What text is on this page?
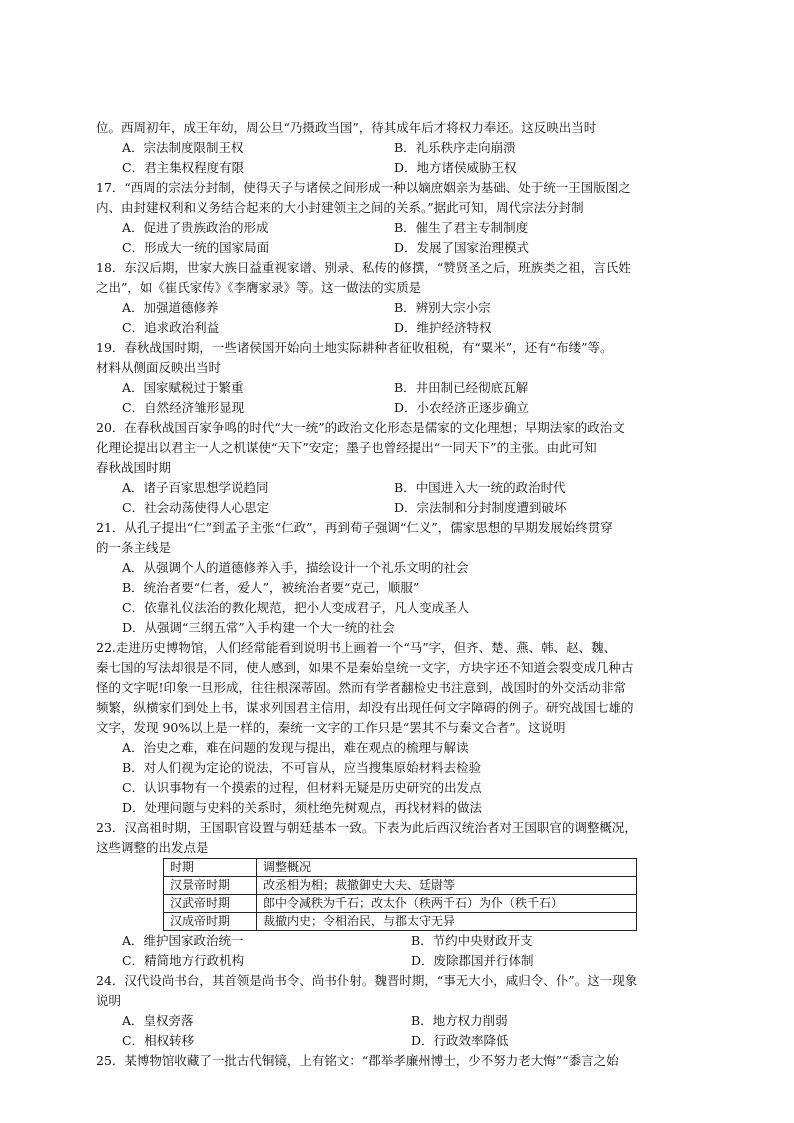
位。西周初年，成王年幼，周公旦“乃摄政当国”，待其成年后才将权力奉还。这反映出当时
A．宗法制度限制王权	B．礼乐秩序走向崩溃
C．君主集权程度有限	D．地方诸侯威胁王权
17．“西周的宗法分封制，使得天子与诸侯之间形成一种以嫡庶姻亲为基础、处于统一王国版图之
内、由封建权利和义务结合起来的大小封建领主之间的关系。”据此可知，周代宗法分封制
A．促进了贵族政治的形成	B．催生了君主专制制度
C．形成大一统的国家局面	D．发展了国家治理模式
18．东汉后期，世家大族日益重视家谱、别录、私传的修撰，“赞贤圣之后，班族类之祖，言氏姓
之出”，如《崔氏家传》《李膺家录》等。这一做法的实质是
A．加强道德修养	B．辨别大宗小宗
C．追求政治利益	D．维护经济特权
19．春秋战国时期，一些诸侯国开始向土地实际耕种者征收租税，有“粟米”，还有“布缕”等。
材料从侧面反映出当时
A．国家赋税过于繁重	B．井田制已经彻底瓦解
C．自然经济雏形显现	D．小农经济正逐步确立
20．在春秋战国百家争鸣的时代“大一统”的政治文化形态是儒家的文化理想；早期法家的政治文
化理论提出以君主一人之机谋使“天下”安定；墨子也曾经提出“一同天下”的主张。由此可知
春秋战国时期
A．诸子百家思想学说趋同	B．中国进入大一统的政治时代
C．社会动荡使得人心思定	D．宗法制和分封制度遭到破坏
21．从孔子提出“仁”到孟子主张“仁政”，再到荀子强调“仁义”，儒家思想的早期发展始终贯穿
的一条主线是
A．从强调个人的道德修养入手，描绘设计一个礼乐文明的社会
B．统治者要“仁者，爱人”，被统治者要“克己，顺服”
C．依靠礼仪法治的教化规范，把小人变成君子，凡人变成圣人
D．从强调“三纲五常”入手构建一个大一统的社会
22.走进历史博物馆，人们经常能看到说明书上画着一个“马”字，但齐、楚、燕、韩、赵、魏、
秦七国的写法却很是不同，使人感到，如果不是秦始皇统一文字，方块字还不知道会裂变成几种古
怪的文字呢!印象一旦形成，往往根深蒂固。然而有学者翻检史书注意到，战国时的外交活动非常
频繁，纵横家们到处上书，谋求列国君主信用，却没有出现任何文字障碍的例子。研究战国七雄的
文字，发现 90%以上是一样的，秦统一文字的工作只是“罢其不与秦文合者”。这说明
A．治史之难，难在问题的发现与提出，难在观点的梳理与解读
B．对人们视为定论的说法，不可盲从，应当搜集原始材料去检验
C．认识事物有一个摸索的过程，但材料无疑是历史研究的出发点
D．处理问题与史料的关系时，须杜绝先树观点，再找材料的做法
23．汉高祖时期，王国职官设置与朝廷基本一致。下表为此后西汉统治者对王国职官的调整概况，
这些调整的出发点是
时期	调整概况
汉景帝时期	改丞相为相；裁撤御史大夫、廷尉等
汉武帝时期	郎中令减秩为千石；改太仆（秩两千石）为仆（秩千石）
汉成帝时期	裁撤内史；令相治民，与郡太守无异
A．维护国家政治统一	B．节约中央财政开支
C．精简地方行政机构	D．废除郡国并行体制
24．汉代设尚书台，其首领是尚书令、尚书仆射。魏晋时期，“事无大小，咸归令、仆”。这一现象
说明
A．皇权旁落	B．地方权力削弱
C．相权转移	D．行政效率降低
25．某博物馆收藏了一批古代铜镜，上有铭文：“郡举孝廉州博士，少不努力老大悔”“黍言之始
